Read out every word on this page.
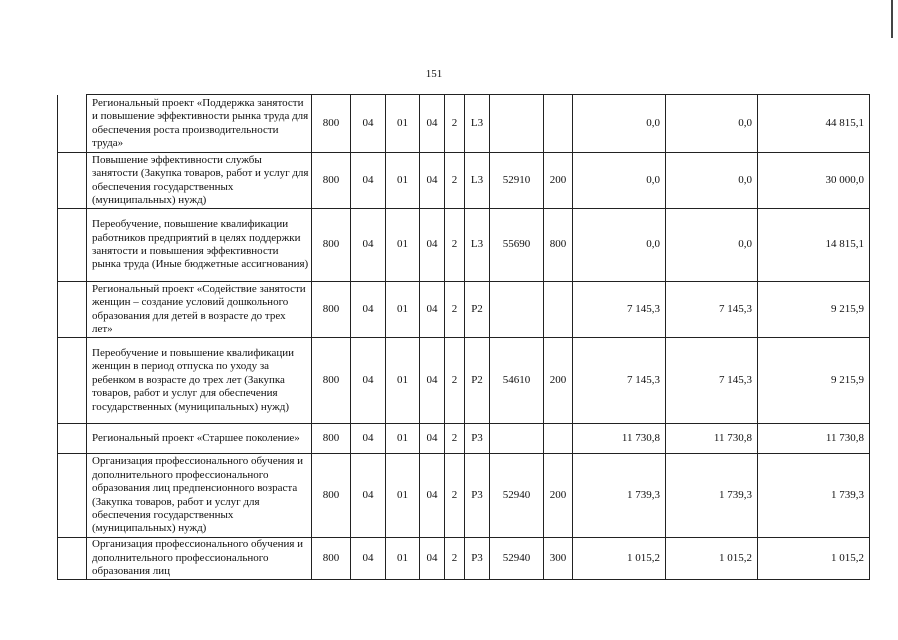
151
	Региональный проект «Поддержка занятости и повышение эффективности рынка труда для обеспечения роста производительности труда»	800	04	01	04	2	L3			0,0	0,0	44 815,1
	Повышение эффективности службы занятости (Закупка товаров, работ и услуг для обеспечения государственных (муниципальных) нужд)	800	04	01	04	2	L3	52910	200	0,0	0,0	30 000,0
	Переобучение, повышение квалификации работников предприятий в целях поддержки занятости и повышения эффективности рынка труда (Иные бюджетные ассигнования)	800	04	01	04	2	L3	55690	800	0,0	0,0	14 815,1
	Региональный проект «Содействие занятости женщин – создание условий дошкольного образования для детей в возрасте до трех лет»	800	04	01	04	2	P2			7 145,3	7 145,3	9 215,9
	Переобучение и повышение квалификации женщин в период отпуска по уходу за ребенком в возрасте до трех лет (Закупка товаров, работ и услуг для обеспечения государственных (муниципальных) нужд)	800	04	01	04	2	P2	54610	200	7 145,3	7 145,3	9 215,9
	Региональный проект «Старшее поколение»	800	04	01	04	2	P3			11 730,8	11 730,8	11 730,8
	Организация профессионального обучения и дополнительного профессионального образования лиц предпенсионного возраста (Закупка товаров, работ и услуг для обеспечения государственных (муниципальных) нужд)	800	04	01	04	2	P3	52940	200	1 739,3	1 739,3	1 739,3
	Организация профессионального обучения и дополнительного профессионального образования лиц	800	04	01	04	2	P3	52940	300	1 015,2	1 015,2	1 015,2
